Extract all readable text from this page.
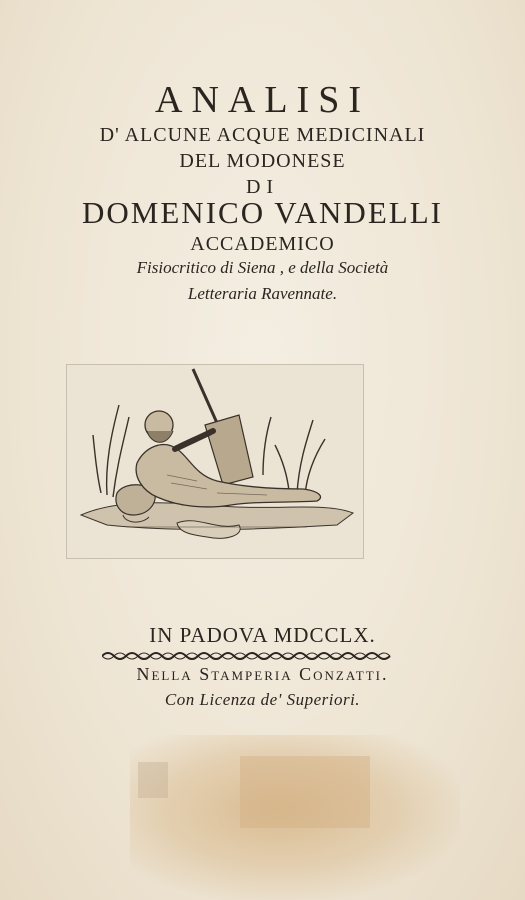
ANALISI
D' ALCUNE ACQUE MEDICINALI
DEL MODONESE
DI
DOMENICO VANDELLI
ACCADEMICO
Fisiocritico di Siena , e della Società
Letteraria Ravennate.
IN PADOVA MDCCLX.
Nella Stamperia Conzatti.
Con Licenza de' Superiori.
